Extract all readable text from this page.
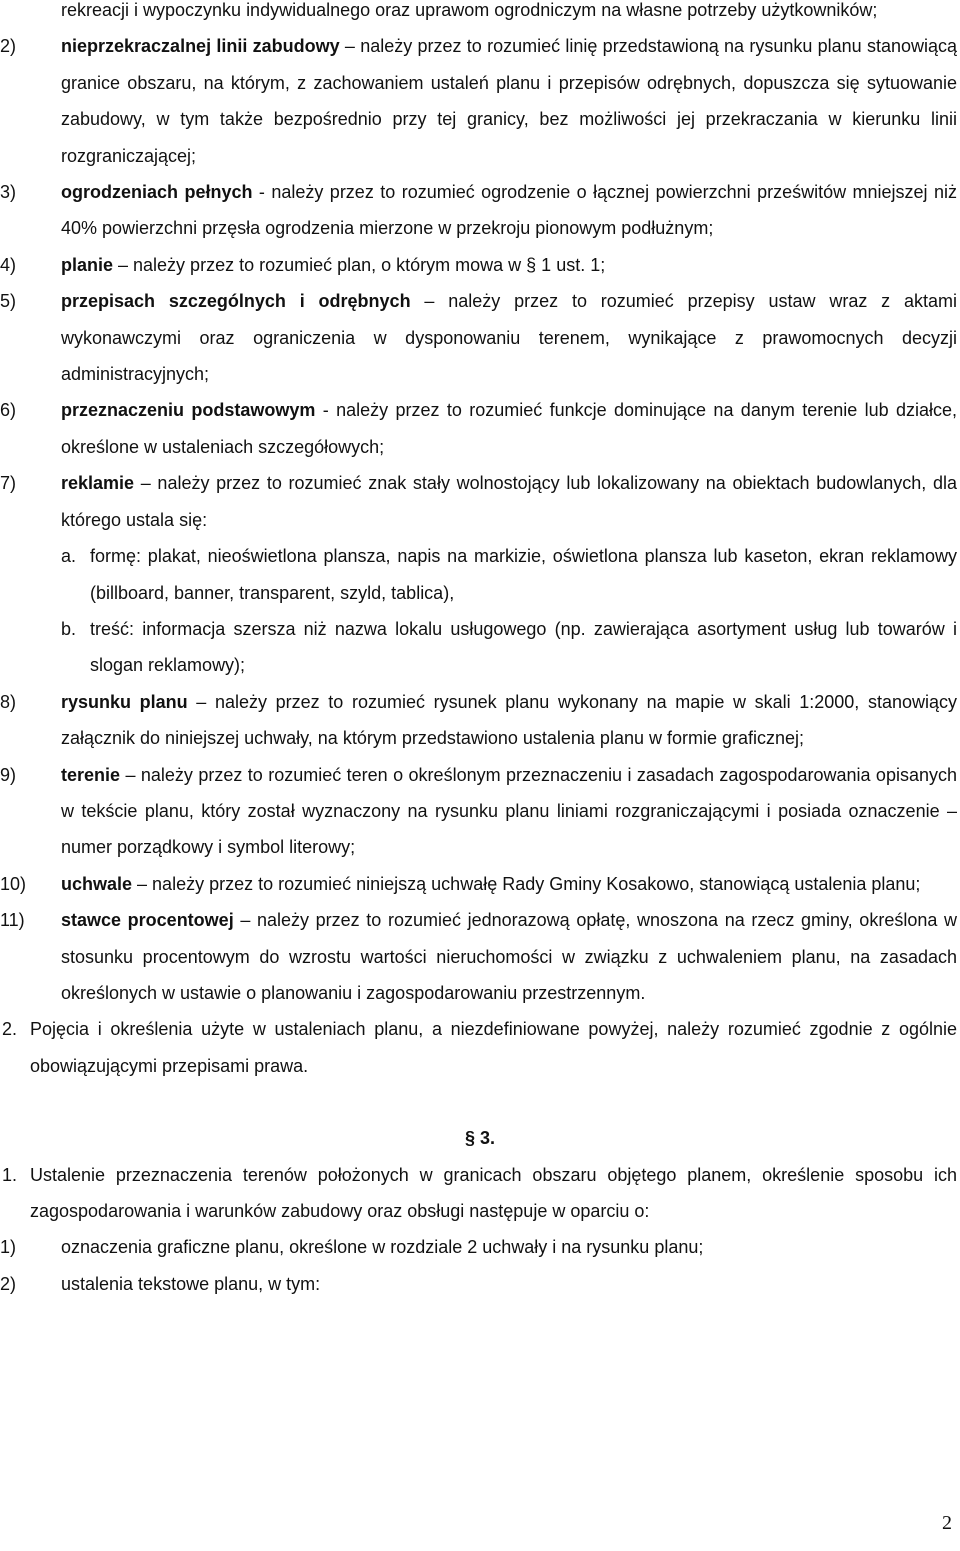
rekreacji i wypoczynku indywidualnego oraz uprawom ogrodniczym na własne potrzeby użytkowników;
2)	nieprzekraczalnej linii zabudowy – należy przez to rozumieć linię przedstawioną na rysunku planu stanowiącą granice obszaru, na którym, z zachowaniem ustaleń planu i przepisów odrębnych, dopuszcza się sytuowanie zabudowy, w tym także bezpośrednio przy tej granicy, bez możliwości jej przekraczania w kierunku linii rozgraniczającej;
3)	ogrodzeniach pełnych - należy przez to rozumieć ogrodzenie o łącznej powierzchni prześwitów mniejszej niż 40% powierzchni przęsła ogrodzenia mierzone w przekroju pionowym podłużnym;
4)	planie – należy przez to rozumieć plan, o którym mowa w § 1 ust. 1;
5)	przepisach szczególnych i odrębnych – należy przez to rozumieć przepisy ustaw wraz z aktami wykonawczymi oraz ograniczenia w dysponowaniu terenem, wynikające z prawomocnych decyzji administracyjnych;
6)	przeznaczeniu podstawowym - należy przez to rozumieć funkcje dominujące na danym terenie lub działce, określone w ustaleniach szczegółowych;
7)	reklamie – należy przez to rozumieć znak stały wolnostojący lub lokalizowany na obiektach budowlanych, dla którego ustala się:
a. formę: plakat, nieoświetlona plansza, napis na markizie, oświetlona plansza lub kaseton, ekran reklamowy (billboard, banner, transparent, szyld, tablica),
b. treść: informacja szersza niż nazwa lokalu usługowego (np. zawierająca asortyment usług lub towarów i slogan reklamowy);
8)	rysunku planu – należy przez to rozumieć rysunek planu wykonany na mapie w skali 1:2000, stanowiący załącznik do niniejszej uchwały, na którym przedstawiono ustalenia planu w formie graficznej;
9)	terenie – należy przez to rozumieć teren o określonym przeznaczeniu i zasadach zagospodarowania opisanych w tekście planu, który został wyznaczony na rysunku planu liniami rozgraniczającymi i posiada oznaczenie – numer porządkowy i symbol literowy;
10)	uchwale – należy przez to rozumieć niniejszą uchwałę Rady Gminy Kosakowo, stanowiącą ustalenia planu;
11)	stawce procentowej – należy przez to rozumieć jednorazową opłatę, wnoszona na rzecz gminy, określona w stosunku procentowym do wzrostu wartości nieruchomości w związku z uchwaleniem planu, na zasadach określonych w ustawie o planowaniu i zagospodarowaniu przestrzennym.
2. Pojęcia i określenia użyte w ustaleniach planu, a niezdefiniowane powyżej, należy rozumieć zgodnie z ogólnie obowiązującymi przepisami prawa.
§ 3.
1. Ustalenie przeznaczenia terenów położonych w granicach obszaru objętego planem, określenie sposobu ich zagospodarowania i warunków zabudowy oraz obsługi następuje w oparciu o:
1)	oznaczenia graficzne planu, określone w rozdziale 2 uchwały i na rysunku planu;
2)	ustalenia tekstowe planu, w tym:
2
